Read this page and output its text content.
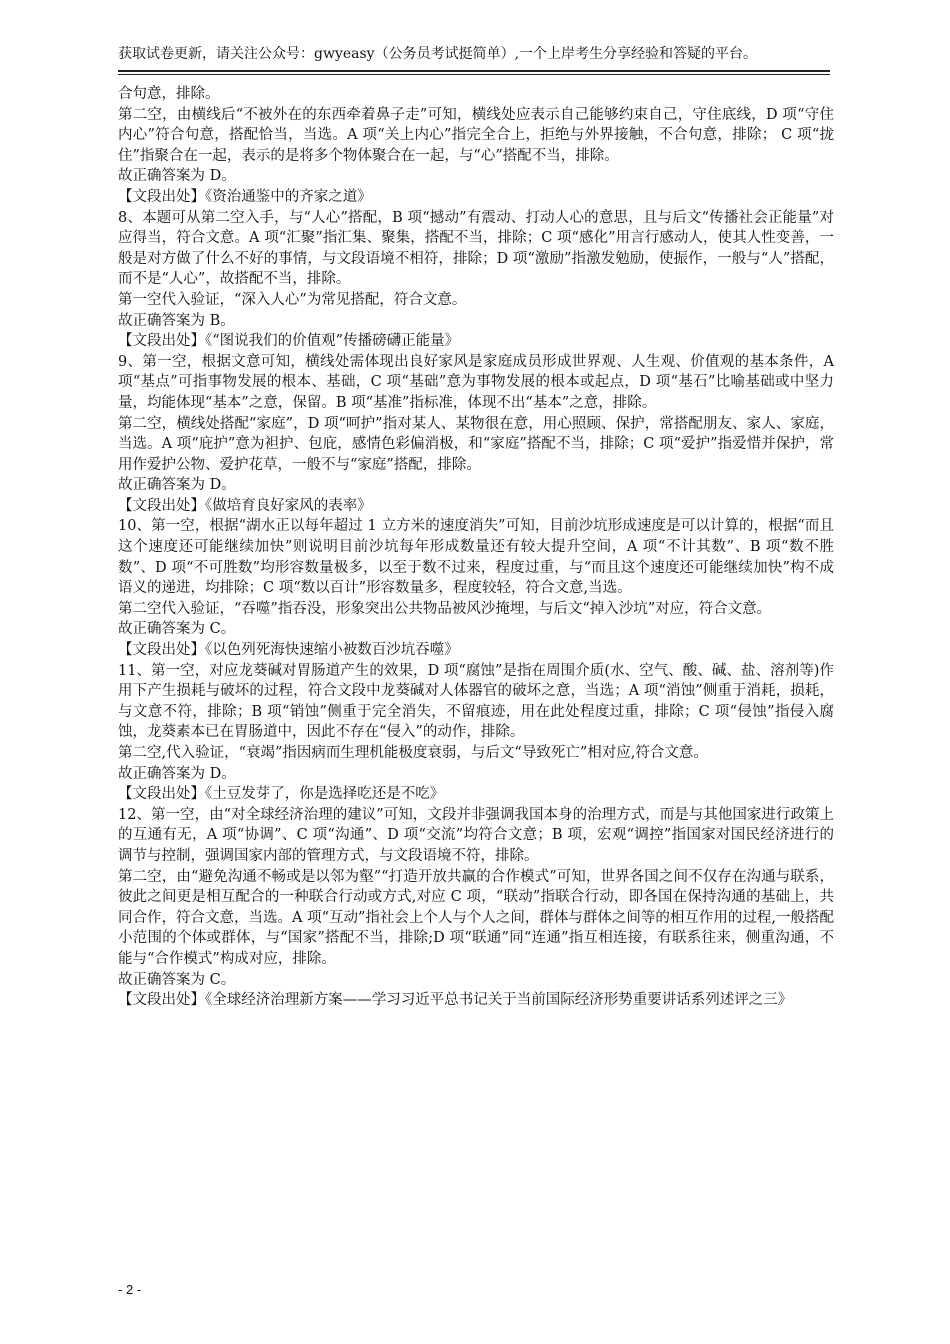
获取试卷更新，请关注公众号：gwyeasy（公务员考试挺简单）,一个上岸考生分享经验和答疑的平台。

合句意，排除。

第二空，由横线后“不被外在的东西牵着鼻子走”可知，横线处应表示自己能够约束自己，守住底线，D 项“守住内心”符合句意，搭配恰当，当选。A 项“关上内心”指完全合上，拒绝与外界接触，不合句意，排除； C 项“拢住”指聚合在一起，表示的是将多个物体聚合在一起，与“心”搭配不当，排除。

故正确答案为 D。

【文段出处】《资治通鉴中的齐家之道》

8、本题可从第二空入手，与“人心”搭配，B 项“撼动”有震动、打动人心的意思，且与后文“传播社会正能量”对应得当，符合文意。A 项“汇聚”指汇集、聚集，搭配不当，排除；C 项“感化”用言行感动人，使其人性变善，一般是对方做了什么不好的事情，与文段语境不相符，排除；D 项“激励”指激发勉励，使振作，一般与“人”搭配，而不是“人心”，故搭配不当，排除。

第一空代入验证，“深入人心”为常见搭配，符合文意。

故正确答案为 B。

【文段出处】《“图说我们的价值观”传播磅礴正能量》

9、第一空，根据文意可知，横线处需体现出良好家风是家庭成员形成世界观、人生观、价值观的基本条件，A 项“基点”可指事物发展的根本、基础，C 项“基础”意为事物发展的根本或起点，D 项“基石”比喻基础或中坚力量，均能体现“基本”之意，保留。B 项“基准”指标准，体现不出“基本”之意，排除。

第二空，横线处搭配“家庭”，D 项“呵护”指对某人、某物很在意，用心照顾、保护，常搭配朋友、家人、家庭，当选。A 项“庇护”意为袒护、包庇，感情色彩偏消极，和“家庭”搭配不当，排除；C 项“爱护”指爱惜并保护，常用作爱护公物、爱护花草，一般不与“家庭”搭配，排除。

故正确答案为 D。

【文段出处】《做培育良好家风的表率》

10、第一空，根据“湖水正以每年超过 1 立方米的速度消失”可知，目前沙坑形成速度是可以计算的，根据“而且这个速度还可能继续加快”则说明目前沙坑每年形成数量还有较大提升空间，A 项“不计其数”、B 项“数不胜数”、D 项“不可胜数”均形容数量极多，以至于数不过来，程度过重，与“而且这个速度还可能继续加快”构不成语义的递进，均排除；C 项“数以百计”形容数量多，程度较轻，符合文意,当选。

第二空代入验证，“吞噬”指吞没，形象突出公共物品被风沙掩埋，与后文“掉入沙坑”对应，符合文意。

故正确答案为 C。

【文段出处】《以色列死海快速缩小被数百沙坑吞噬》

11、第一空，对应龙葵碱对胃肠道产生的效果，D 项“腐蚀”是指在周围介质(水、空气、酸、碱、盐、溶剂等)作用下产生损耗与破坏的过程，符合文段中龙葵碱对人体器官的破坏之意，当选；A 项“消蚀”侧重于消耗，损耗，与文意不符，排除；B 项“销蚀”侧重于完全消失，不留痕迹，用在此处程度过重，排除；C 项“侵蚀”指侵入腐蚀，龙葵素本已在胃肠道中，因此不存在“侵入”的动作，排除。

第二空,代入验证，“衰竭”指因病而生理机能极度衰弱，与后文“导致死亡”相对应,符合文意。

故正确答案为 D。

【文段出处】《土豆发芽了，你是选择吃还是不吃》

12、第一空，由“对全球经济治理的建议”可知，文段并非强调我国本身的治理方式，而是与其他国家进行政策上的互通有无，A 项“协调”、C 项“沟通”、D 项“交流”均符合文意；B 项，宏观“调控”指国家对国民经济进行的调节与控制，强调国家内部的管理方式，与文段语境不符，排除。

第二空，由“避免沟通不畅或是以邻为壑”“打造开放共赢的合作模式”可知，世界各国之间不仅存在沟通与联系，彼此之间更是相互配合的一种联合行动或方式,对应 C 项，“联动”指联合行动，即各国在保持沟通的基础上，共同合作，符合文意，当选。A 项“互动”指社会上个人与个人之间，群体与群体之间等的相互作用的过程,一般搭配小范围的个体或群体，与“国家”搭配不当，排除;D 项“联通”同“连通”指互相连接，有联系往来，侧重沟通，不能与“合作模式”构成对应，排除。

故正确答案为 C。

【文段出处】《全球经济治理新方案——学习习近平总书记关于当前国际经济形势重要讲话系列述评之三》

- 2 -
